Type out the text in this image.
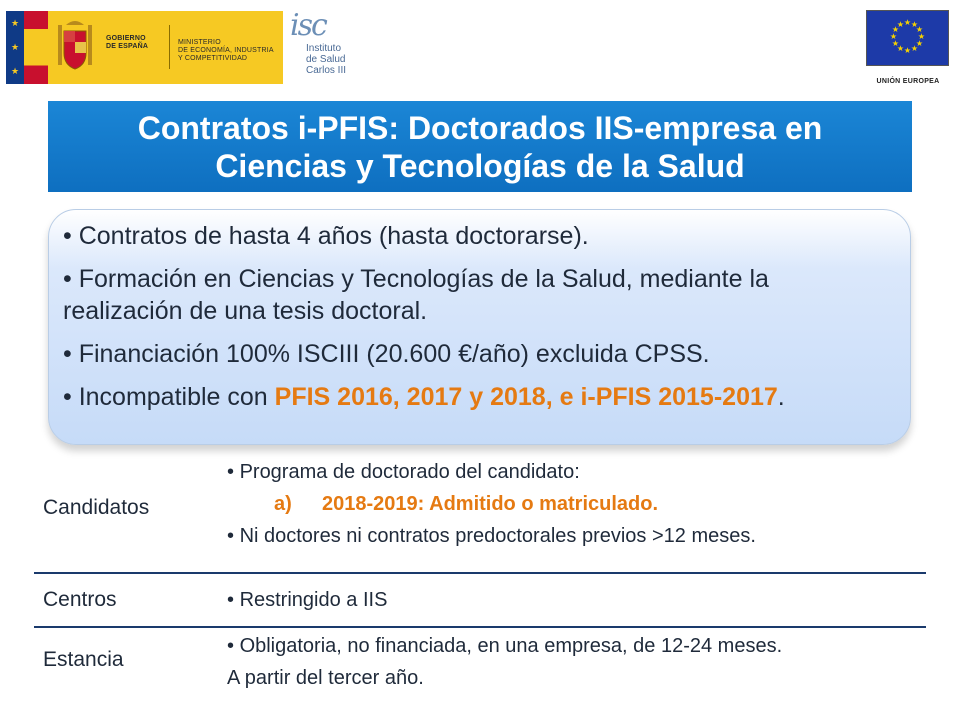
★
★
★
GOBIERNO
DE ESPAÑA
MINISTERIO
DE ECONOMÍA, INDUSTRIA
Y COMPETITIVIDAD
isc
Instituto
de Salud
Carlos III
★ ★
★
★
★
★
★
★
★
★
★
★
UNIÓN EUROPEA
Contratos i-PFIS: Doctorados IIS-empresa en Ciencias y Tecnologías de la Salud

• Contratos de hasta 4 años (hasta doctorarse).

• Formación en Ciencias y Tecnologías de la Salud, mediante la realización de una tesis doctoral.

• Financiación 100% ISCIII (20.600 €/año) excluida CPSS.

• Incompatible con PFIS 2016, 2017 y 2018, e i-PFIS 2015-2017.

Candidatos
• Programa de doctorado del candidato:
a) 2018-2019: Admitido o matriculado.
• Ni doctores ni contratos predoctorales previos >12 meses.
Centros	• Restringido a IIS
Estancia
• Obligatoria, no financiada, en una empresa, de 12-24 meses.
A partir del tercer año.
